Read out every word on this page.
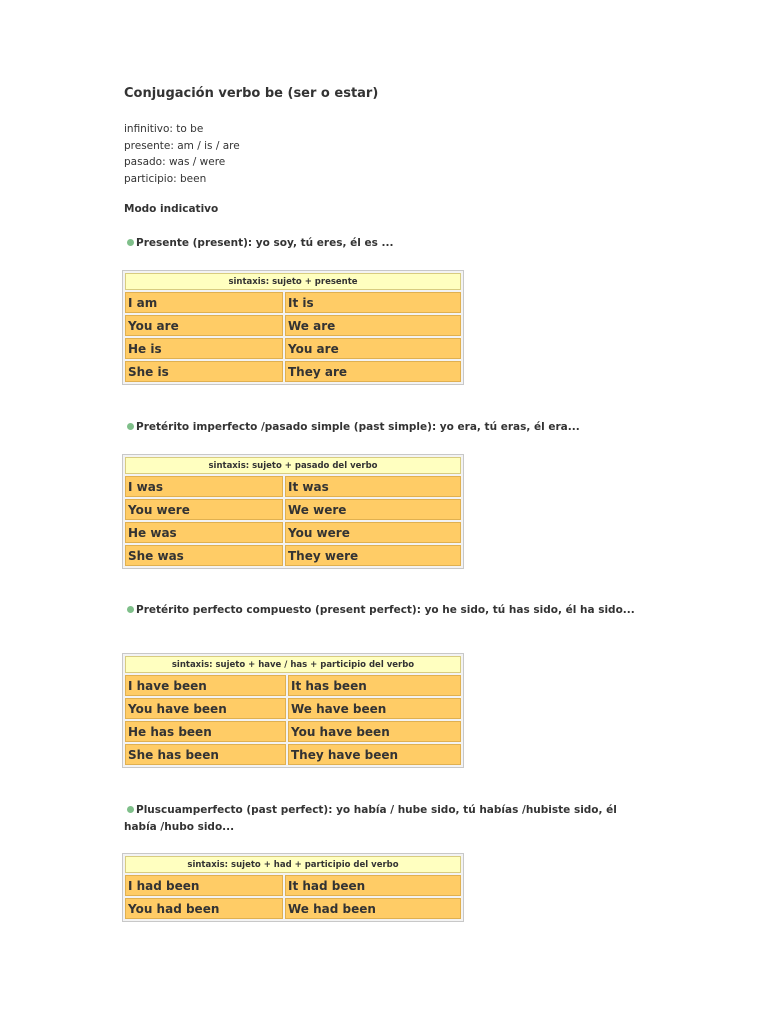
Conjugación verbo be (ser o estar)
infinitivo: to be
presente: am / is / are
pasado: was / were
participio: been
Modo indicativo
Presente (present): yo soy, tú eres, él es ...
sintaxis: sujeto + presente	
I am	It is
You are	We are
He is	You are
She is	They are
Pretérito imperfecto /pasado simple (past simple): yo era, tú eras, él era...
sintaxis: sujeto + pasado del verbo	
I was	It was
You were	We were
He was	You were
She was	They were
Pretérito perfecto compuesto (present perfect): yo he sido, tú has sido, él ha sido...
sintaxis: sujeto + have / has + participio del verbo	
I have been	It has been
You have been	We have been
He has been	You have been
She has been	They have been
Pluscuamperfecto (past perfect): yo había / hube sido, tú habías /hubiste sido, él había /hubo sido...
sintaxis: sujeto + had + participio del verbo	
I had been	It had been
You had been	We had been
